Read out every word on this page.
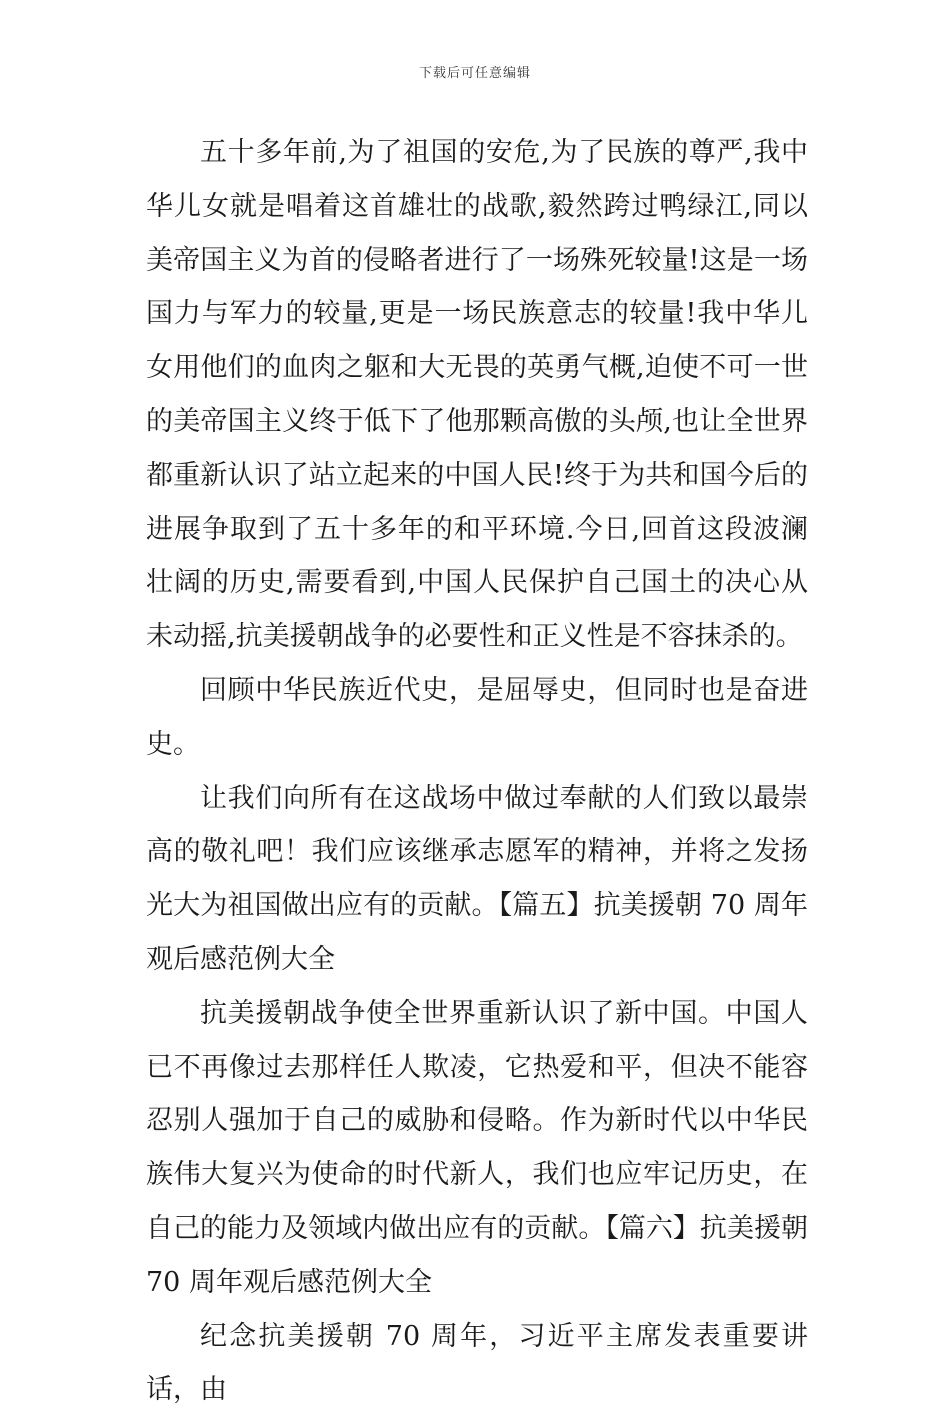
下载后可任意编辑

五十多年前,为了祖国的安危,为了民族的尊严,我中华儿女就是唱着这首雄壮的战歌,毅然跨过鸭绿江,同以美帝国主义为首的侵略者进行了一场殊死较量!这是一场国力与军力的较量,更是一场民族意志的较量!我中华儿女用他们的血肉之躯和大无畏的英勇气概,迫使不可一世的美帝国主义终于低下了他那颗高傲的头颅,也让全世界都重新认识了站立起来的中国人民!终于为共和国今后的进展争取到了五十多年的和平环境.今日,回首这段波澜壮阔的历史,需要看到,中国人民保护自己国土的决心从未动摇,抗美援朝战争的必要性和正义性是不容抹杀的。

回顾中华民族近代史，是屈辱史，但同时也是奋进史。

让我们向所有在这战场中做过奉献的人们致以最崇高的敬礼吧！我们应该继承志愿军的精神，并将之发扬光大为祖国做出应有的贡献。【篇五】抗美援朝 70 周年观后感范例大全

抗美援朝战争使全世界重新认识了新中国。中国人已不再像过去那样任人欺凌，它热爱和平，但决不能容忍别人强加于自己的威胁和侵略。作为新时代以中华民族伟大复兴为使命的时代新人，我们也应牢记历史，在自己的能力及领域内做出应有的贡献。【篇六】抗美援朝 70 周年观后感范例大全

纪念抗美援朝 70 周年，习近平主席发表重要讲话，由
